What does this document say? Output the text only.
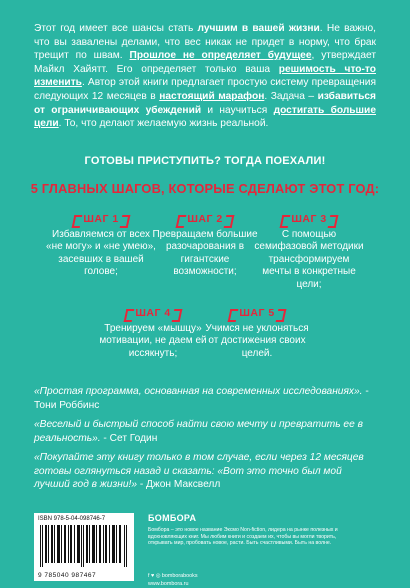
Этот год имеет все шансы стать лучшим в вашей жизни. Не важно, что вы завалены делами, что вес никак не придет в норму, что брак трещит по швам. Прошлое не определяет будущее, утверждает Майкл Хайятт. Его определяет только ваша решимость что-то изменить. Автор этой книги предлагает простую систему превращения следующих 12 месяцев в настоящий марафон. Задача – избавиться от ограничивающих убеждений и научиться достигать большие цели. То, что делают желаемую жизнь реальной.
ГОТОВЫ ПРИСТУПИТЬ? ТОГДА ПОЕХАЛИ!
5 ГЛАВНЫХ ШАГОВ, КОТОРЫЕ СДЕЛАЮТ ЭТОТ ГОД:
ШАГ 1
Избавляемся от всех «не могу» и «не умею», засевших в вашей голове;
ШАГ 2
Превращаем большие разочарования в гигантские возможности;
ШАГ 3
С помощью семифазовой методики трансформируем мечты в конкретные цели;
ШАГ 4
Тренируем «мышцу» мотивации, не даем ей иссякнуть;
ШАГ 5
Учимся не уклоняться от достижения своих целей.
«Простая программа, основанная на современных исследованиях». - Тони Роббинс
«Веселый и быстрый способ найти свою мечту и превратить ее в реальность». - Сет Годин
«Покупайте эту книгу только в том случае, если через 12 месяцев готовы оглянуться назад и сказать: «Вот это точно был мой лучший год в жизни!» - Джон Максвелл
ISBN 978-5-04-098746-7
9 785040 987467
БОМБОРА
Бомбора – это новое название Эксмо Non-fiction, лидера на рынке полезных и вдохновляющих книг. Мы любим книги и создаем их, чтобы вы могли творить, открывать мир, пробовать новое, расти. Быть счастливыми. Быть на волне.
f ♥ ◎ bomborabooks
www.bombora.ru
